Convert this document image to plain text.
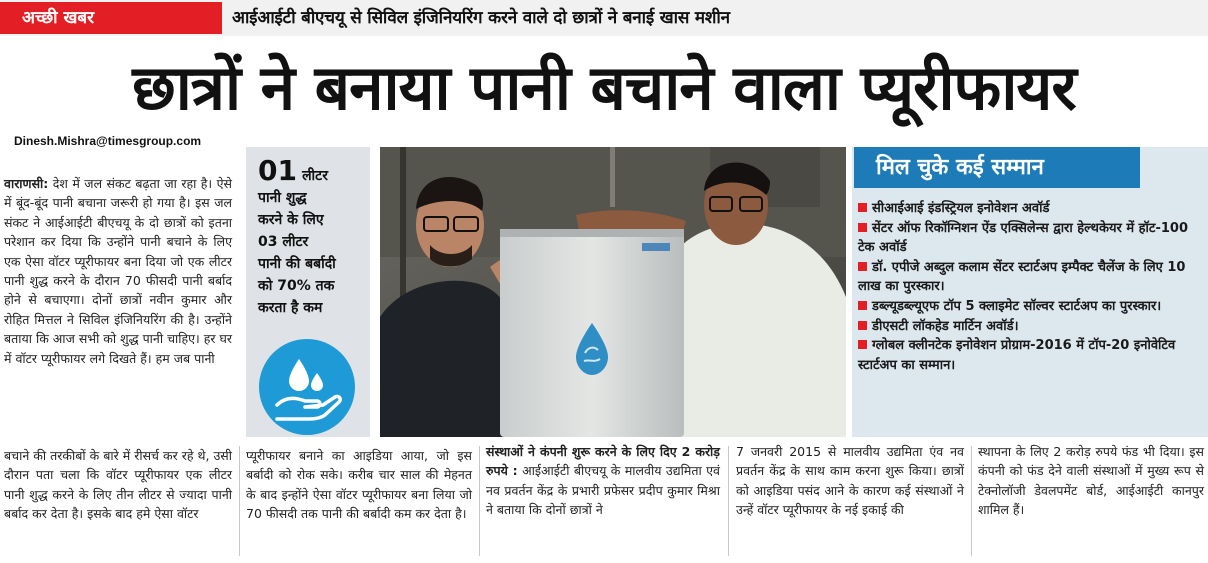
अच्छी खबर	आईआईटी बीएचयू से सिविल इंजिनियरिंग करने वाले दो छात्रों ने बनाई खास मशीन
छात्रों ने बनाया पानी बचाने वाला प्यूरीफायर
Dinesh.Mishra@timesgroup.com
वाराणसी: देश में जल संकट बढ़ता जा रहा है। ऐसे में बूंद-बूंद पानी बचाना जरूरी हो गया है। इस जल संकट ने आईआईटी बीएचयू के दो छात्रों को इतना परेशान कर दिया कि उन्होंने पानी बचाने के लिए एक ऐसा वॉटर प्यूरीफायर बना दिया जो एक लीटर पानी शुद्ध करने के दौरान 70 फीसदी पानी बर्बाद होने से बचाएगा। दोनों छात्रों नवीन कुमार और रोहित मित्तल ने सिविल इंजिनियरिंग की है। उन्होंने बताया कि आज सभी को शुद्ध पानी चाहिए। हर घर में वॉटर प्यूरीफायर लगे दिखते हैं। हम जब पानी
01 लीटर
पानी शुद्ध
करने के लिए
03 लीटर
पानी की बर्बादी
को 70% तक
करता है कम
मिल चुके कई सम्मान
सीआईआई इंडस्ट्रियल इनोवेशन अवॉर्ड
सेंटर ऑफ रिकॉग्निशन ऐंड एक्सिलेन्स द्वारा हेल्थकेयर में हॉट-100 टेक अवॉर्ड
डॉ. एपीजे अब्दुल कलाम सेंटर स्टार्टअप इम्पैक्ट चैलेंज के लिए 10 लाख का पुरस्कार।
डब्ल्यूडब्ल्यूएफ टॉप 5 क्लाइमेट सॉल्वर स्टार्टअप का पुरस्कार।
डीएसटी लॉकहेड मार्टिन अवॉर्ड।
ग्लोबल क्लीनटेक इनोवेशन प्रोग्राम-2016 में टॉप-20 इनोवेटिव स्टार्टअप का सम्मान।
बचाने की तरकीबों के बारे में रीसर्च कर रहे थे, उसी दौरान पता चला कि वॉटर प्यूरीफायर एक लीटर पानी शुद्ध करने के लिए तीन लीटर से ज्यादा पानी बर्बाद कर देता है। इसके बाद हमे ऐसा वॉटर
प्यूरीफायर बनाने का आइडिया आया, जो इस बर्बादी को रोक सके। करीब चार साल की मेहनत के बाद इन्होंने ऐसा वॉटर प्यूरीफायर बना लिया जो 70 फीसदी तक पानी की बर्बादी कम कर देता है।
संस्थाओं ने कंपनी शुरू करने के लिए दिए 2 करोड़ रुपये : आईआईटी बीएचयू के मालवीय उद्यमिता एवं नव प्रवर्तन केंद्र के प्रभारी प्रफेसर प्रदीप कुमार मिश्रा ने बताया कि दोनों छात्रों ने
7 जनवरी 2015 से मालवीय उद्यमिता एंव नव प्रवर्तन केंद्र के साथ काम करना शुरू किया। छात्रों को आइडिया पसंद आने के कारण कई संस्थाओं ने उन्हें वॉटर प्यूरीफायर के नई इकाई की
स्थापना के लिए 2 करोड़ रुपये फंड भी दिया। इस कंपनी को फंड देने वाली संस्थाओं में मुख्य रूप से टेक्नोलॉजी डेवलपमेंट बोर्ड, आईआईटी कानपुर शामिल हैं।
